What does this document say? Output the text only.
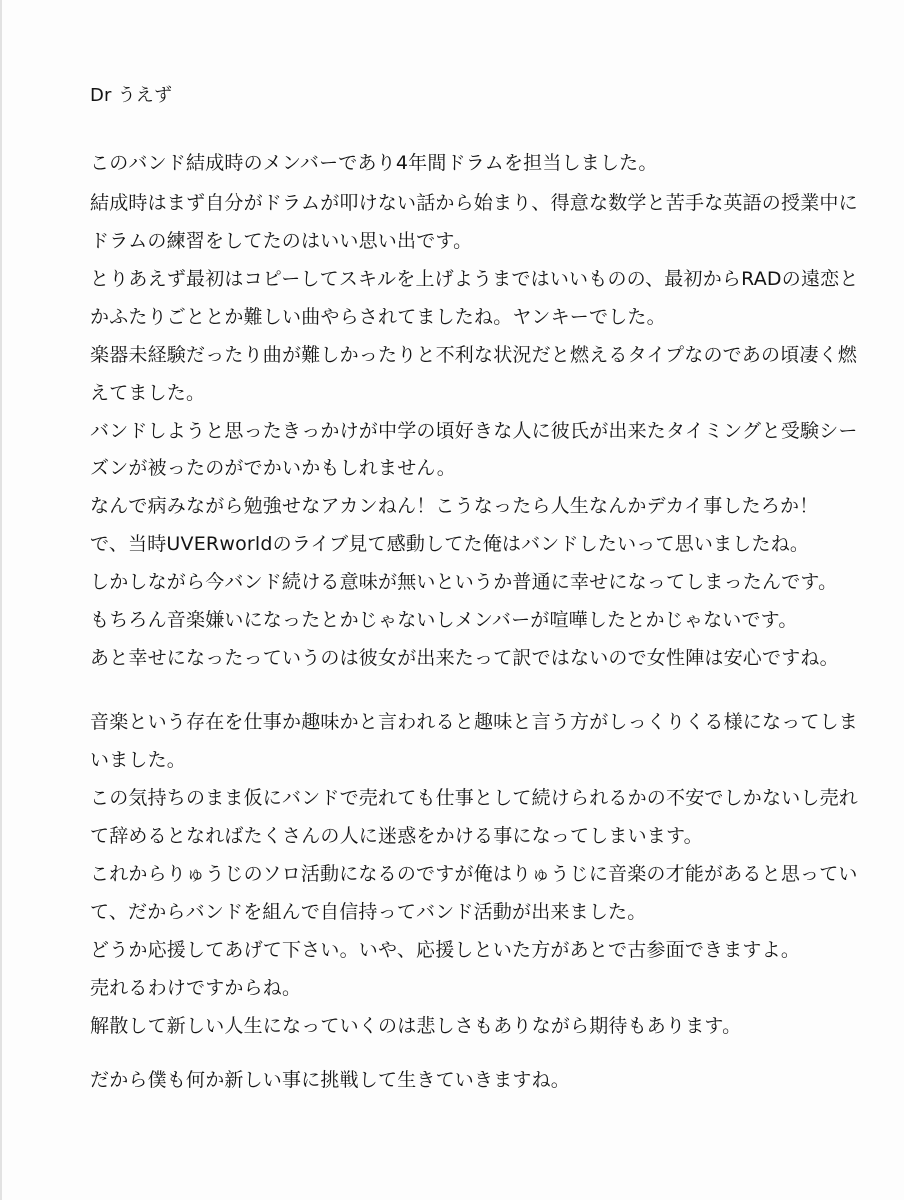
Dr うえず
このバンド結成時のメンバーであり4年間ドラムを担当しました。
結成時はまず自分がドラムが叩けない話から始まり、得意な数学と苦手な英語の授業中に
ドラムの練習をしてたのはいい思い出です。
とりあえず最初はコピーしてスキルを上げようまではいいものの、最初からRADの遠恋と
かふたりごととか難しい曲やらされてましたね。ヤンキーでした。
楽器未経験だったり曲が難しかったりと不利な状況だと燃えるタイプなのであの頃凄く燃
えてました。
バンドしようと思ったきっかけが中学の頃好きな人に彼氏が出来たタイミングと受験シー
ズンが被ったのがでかいかもしれません。
なんで病みながら勉強せなアカンねん！こうなったら人生なんかデカイ事したろか！
で、当時UVERworldのライブ見て感動してた俺はバンドしたいって思いましたね。
しかしながら今バンド続ける意味が無いというか普通に幸せになってしまったんです。
もちろん音楽嫌いになったとかじゃないしメンバーが喧嘩したとかじゃないです。
あと幸せになったっていうのは彼女が出来たって訳ではないので女性陣は安心ですね。
音楽という存在を仕事か趣味かと言われると趣味と言う方がしっくりくる様になってしま
いました。
この気持ちのまま仮にバンドで売れても仕事として続けられるかの不安でしかないし売れ
て辞めるとなればたくさんの人に迷惑をかける事になってしまいます。
これからりゅうじのソロ活動になるのですが俺はりゅうじに音楽の才能があると思ってい
て、だからバンドを組んで自信持ってバンド活動が出来ました。
どうか応援してあげて下さい。いや、応援しといた方があとで古参面できますよ。
売れるわけですからね。
解散して新しい人生になっていくのは悲しさもありながら期待もあります。
だから僕も何か新しい事に挑戦して生きていきますね。
